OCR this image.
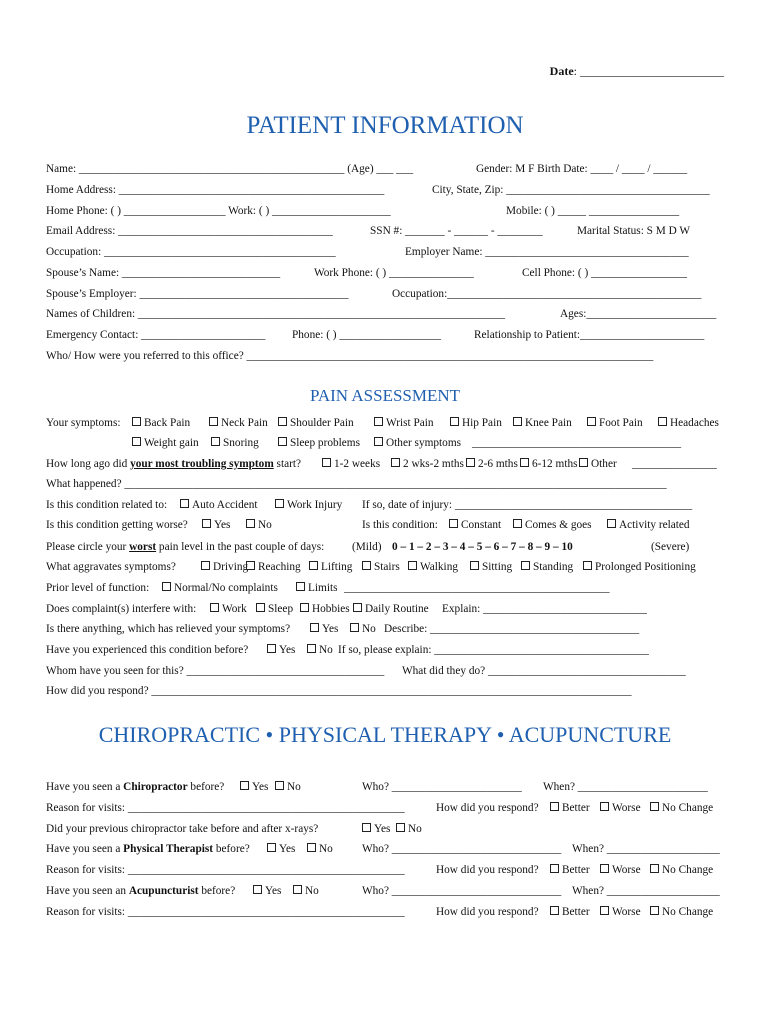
Date: ________________________
PATIENT INFORMATION
Name: _______________________________________________ (Age) ___ ___	Gender: M F Birth Date: ____ / ____ / ______
Home Address: _______________________________________________	City, State, Zip: ____________________________________
Home Phone: ( ) __________________ Work: ( ) _____________________	Mobile: ( ) _____ ________________
Email Address: ______________________________________	SSN #: _______ - ______ - ________	Marital Status: S M D W
Occupation: _________________________________________	Employer Name: ____________________________________
Spouse’s Name: ____________________________	Work Phone: ( ) _______________	Cell Phone: ( ) _________________
Spouse’s Employer: _____________________________________	Occupation:_____________________________________________
Names of Children: _________________________________________________________________	Ages:_______________________
Emergency Contact: ______________________ Phone: ( ) __________________	Relationship to Patient:______________________
Who/ How were you referred to this office? ________________________________________________________________________
PAIN ASSESSMENT
Your symptoms:	Back Pain	Neck Pain	Shoulder Pain	Wrist Pain	Hip Pain	Knee Pain	Foot Pain	Headaches
Weight gain	Snoring	Sleep problems	Other symptoms _____________________________________
How long ago did your most troubling symptom start?	1-2 weeks	2 wks-2 mths	2-6 mths	6-12 mths	Other _______________
What happened? ________________________________________________________________________________________________
Is this condition related to:	Auto Accident	Work Injury If so, date of injury: __________________________________________
Is this condition getting worse?	Yes	No	Is this condition:	Constant	Comes & goes	Activity related
Please circle your worst pain level in the past couple of days: (Mild) 0 – 1 – 2 – 3 – 4 – 5 – 6 – 7 – 8 – 9 – 10	(Severe)
What aggravates symptoms?	Driving Reaching	Lifting	Stairs	Walking	Sitting	Standing	Prolonged Positioning
Prior level of function:	Normal/No complaints	Limits _______________________________________________
Does complaint(s) interfere with:	Work	Sleep	Hobbies	Daily Routine Explain: _____________________________
Is there anything, which has relieved your symptoms?	Yes	No Describe: _____________________________________
Have you experienced this condition before?	Yes	No If so, please explain: ______________________________________
Whom have you seen for this? ___________________________________ What did they do? ___________________________________
How did you respond? _____________________________________________________________________________________
CHIROPRACTIC • PHYSICAL THERAPY • ACUPUNCTURE
Have you seen a Chiropractor before?	Yes	No	Who? _______________________ When? _______________________
Reason for visits: _________________________________________________	How did you respond?	Better	Worse	No Change
Did your previous chiropractor take before and after x-rays?	Yes	No
Have you seen a Physical Therapist before?	Yes	No	Who? ______________________________ When? ____________________
Reason for visits: _________________________________________________	How did you respond?	Better	Worse	No Change
Have you seen an Acupuncturist before?	Yes	No	Who? ______________________________ When? ____________________
Reason for visits: _________________________________________________	How did you respond?	Better	Worse	No Change
